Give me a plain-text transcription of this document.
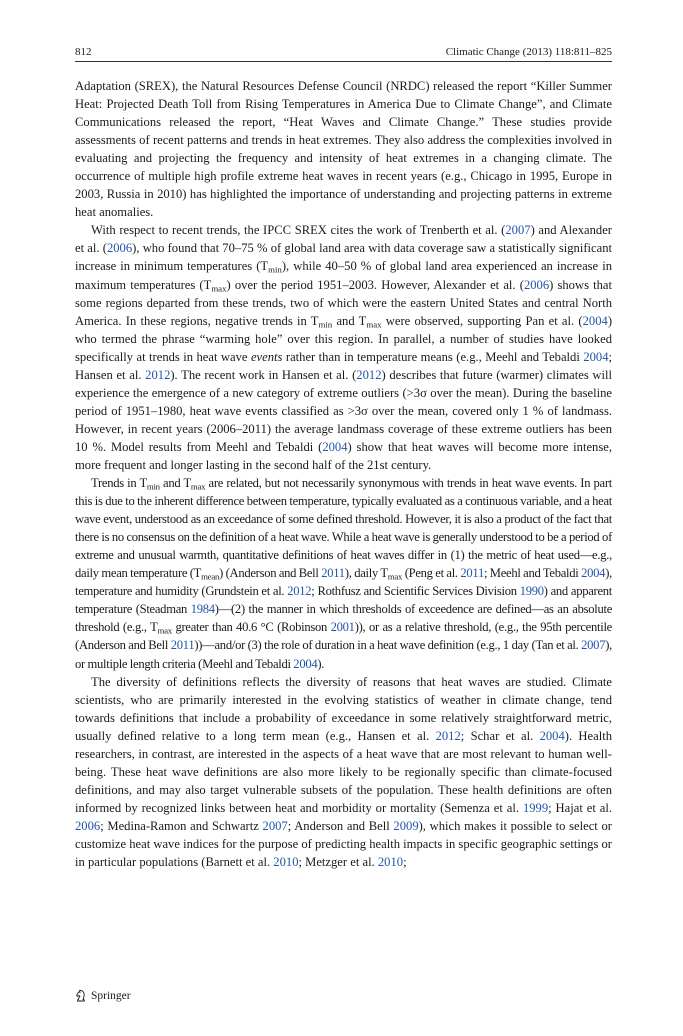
812	Climatic Change (2013) 118:811–825

Adaptation (SREX), the Natural Resources Defense Council (NRDC) released the report “Killer Summer Heat: Projected Death Toll from Rising Temperatures in America Due to Climate Change”, and Climate Communications released the report, “Heat Waves and Climate Change.” These studies provide assessments of recent patterns and trends in heat extremes. They also address the complexities involved in evaluating and projecting the frequency and intensity of heat extremes in a changing climate. The occurrence of multiple high profile extreme heat waves in recent years (e.g., Chicago in 1995, Europe in 2003, Russia in 2010) has highlighted the importance of understanding and projecting patterns in extreme heat anomalies.

With respect to recent trends, the IPCC SREX cites the work of Trenberth et al. (2007) and Alexander et al. (2006), who found that 70–75 % of global land area with data coverage saw a statistically significant increase in minimum temperatures $(T_{min})$, while 40–50 % of global land area experienced an increase in maximum temperatures $(T_{max})$ over the period 1951–2003. However, Alexander et al. (2006) shows that some regions departed from these trends, two of which were the eastern United States and central North America. In these regions, negative trends in $T_{min}$ and $T_{max}$ were observed, supporting Pan et al. (2004) who termed the phrase “warming hole” over this region. In parallel, a number of studies have looked specifically at trends in heat wave events rather than in temperature means (e.g., Meehl and Tebaldi 2004; Hansen et al. 2012). The recent work in Hansen et al. (2012) describes that future (warmer) climates will experience the emergence of a new category of extreme outliers (>3σ over the mean). During the baseline period of 1951–1980, heat wave events classified as >3σ over the mean, covered only 1 % of landmass. However, in recent years (2006–2011) the average landmass coverage of these extreme outliers has been 10 %. Model results from Meehl and Tebaldi (2004) show that heat waves will become more intense, more frequent and longer lasting in the second half of the 21st century.

Trends in $T_{min}$ and $T_{max}$ are related, but not necessarily synonymous with trends in heat wave events. In part this is due to the inherent difference between temperature, typically evaluated as a continuous variable, and a heat wave event, understood as an exceedance of some defined threshold. However, it is also a product of the fact that there is no consensus on the definition of a heat wave. While a heat wave is generally understood to be a period of extreme and unusual warmth, quantitative definitions of heat waves differ in (1) the metric of heat used—e.g., daily mean temperature $(T_{mean})$ (Anderson and Bell 2011), daily $T_{max}$ (Peng et al. 2011; Meehl and Tebaldi 2004), temperature and humidity (Grundstein et al. 2012; Rothfusz and Scientific Services Division 1990) and apparent temperature (Steadman 1984)—(2) the manner in which thresholds of exceedence are defined—as an absolute threshold (e.g., $T_{max}$ greater than 40.6 °C (Robinson 2001)), or as a relative threshold, (e.g., the 95th percentile (Anderson and Bell 2011))—and/or (3) the role of duration in a heat wave definition (e.g., 1 day (Tan et al. 2007), or multiple length criteria (Meehl and Tebaldi 2004).

The diversity of definitions reflects the diversity of reasons that heat waves are studied. Climate scientists, who are primarily interested in the evolving statistics of weather in climate change, tend towards definitions that include a probability of exceedance in some relatively straightforward metric, usually defined relative to a long term mean (e.g., Hansen et al. 2012; Schar et al. 2004). Health researchers, in contrast, are interested in the aspects of a heat wave that are most relevant to human well-being. These heat wave definitions are also more likely to be regionally specific than climate-focused definitions, and may also target vulnerable subsets of the population. These health definitions are often informed by recognized links between heat and morbidity or mortality (Semenza et al. 1999; Hajat et al. 2006; Medina-Ramon and Schwartz 2007; Anderson and Bell 2009), which makes it possible to select or customize heat wave indices for the purpose of predicting health impacts in specific geographic settings or in particular populations (Barnett et al. 2010; Metzger et al. 2010;

Springer
